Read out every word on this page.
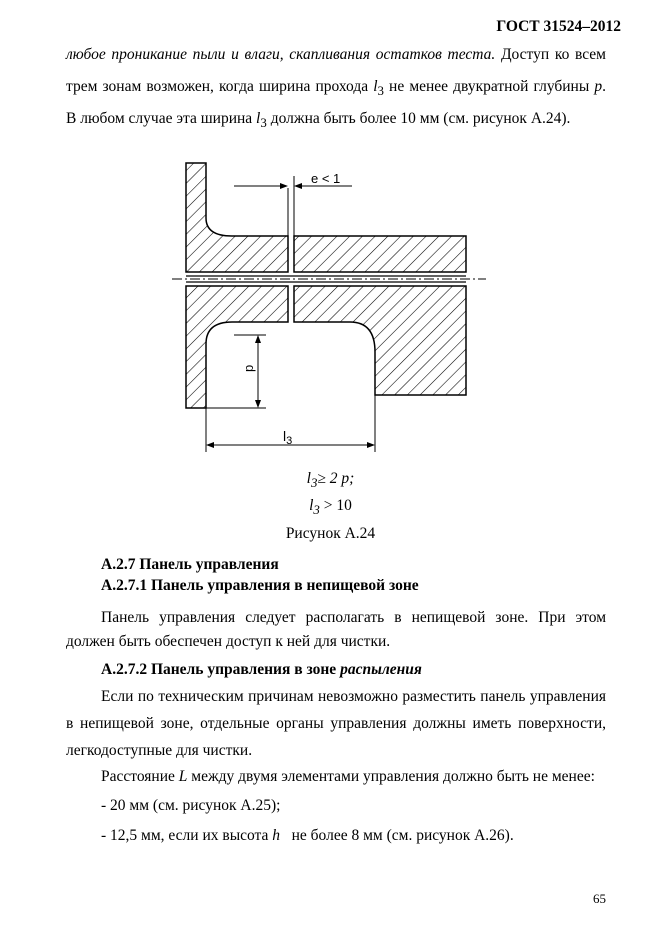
ГОСТ 31524–2012
любое проникание пыли и влаги, скапливания остатков теста. Доступ ко всем
трем зонам возможен, когда ширина прохода $l_3$ не менее двукратной глубины p.
В любом случае эта ширина $l_3$ должна быть более 10 мм (см. рисунок А.24).
e < 1
p
$l_3$
$l_3\ge 2$ p;
$l_3 > 10$
Рисунок А.24
А.2.7 Панель управления
А.2.7.1 Панель управления в непищевой зоне
Панель управления следует располагать в непищевой зоне. При этом
должен быть обеспечен доступ к ней для чистки.
А.2.7.2 Панель управления в зоне распыления
Если по техническим причинам невозможно разместить панель управления
в непищевой зоне, отдельные органы управления должны иметь поверхности,
легкодоступные для чистки.
Расстояние L между двумя элементами управления должно быть не менее:
- 20 мм (см. рисунок А.25);
- 12,5 мм, если их высота h   не более 8 мм (см. рисунок А.26).
65
